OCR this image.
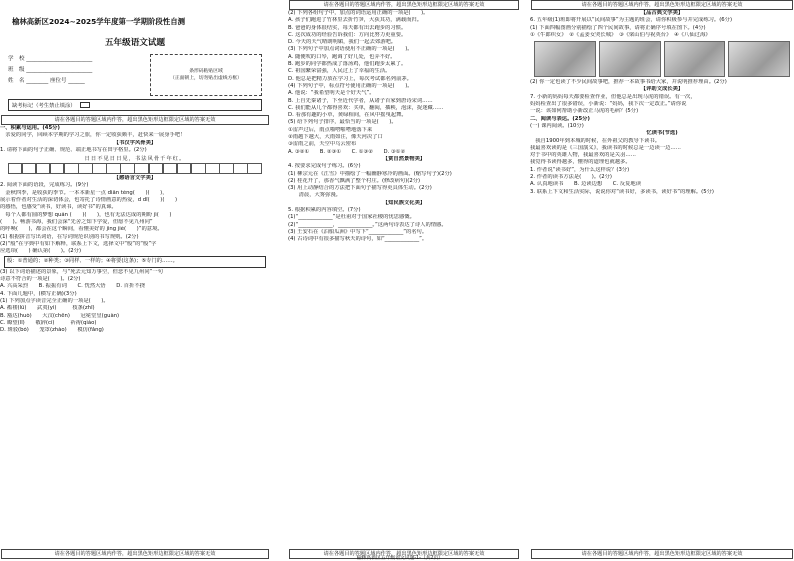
榆林高新区2024~2025学年度第一学期阶段性自测
五年级语文试题
学　校 ________________________
班　级 ________________________
姓　名 ________ 座位号 ______
条形码粘贴区域
（正面朝上，切勿贴出虚线方框）
缺考标记（考生禁止填涂）
请在各题目的答题区域内作答，超出黑色矩形边框限定区域的答案无效
一、积累与运用。(45分)
　亲爱的同学，回顾本学期的学习之旅，你一定收获颇丰，赶快来一展身手吧！
【书汉字风骨美】
1. 请将下面的句子正确、规范、端正地书写在田字格里。(2分)
日日不见日日见，书法风骨千年红。
【感语言文字美】
2. 阅读下面的语段，完成练习。(9分)
　金秋四季，是收获的季节。一本本新星一点 diǎn téng(　　)(　　)，
展示着作者对生活的深切体会，也寄托了诗情画意的热爱，d dī(　　)(　　)
的感悟，也感受“读书，好读书，读好书”的真谛。
　每个人都有圆的梦想 quán (　　)(　　)，也有无法达成的期盼 jì(　　)
(　　)。畅游书海，我们会深“先舍之知下学爱，但愿不见九州同”
的呼唤(　　)，都会在这个瞬间，看懂美好的 jìng jiè(　　)”的意境。
(1) 根据拼音写出词语，在写词规范识别的书写规则。(2分)
(2)“般”在字典中有如下解释，联系上下文，选择文中“般”的“般”字
应选项(　　) 确认第(　　)。(2分)
般：①普通的；②种类；③同样、一样的；④将要(这条)；⑤专门的……。
(3) 以下词语描述的景象，与“死去元知万事空，但悲不见九州同”一句
诗意不符合的一项是(　　)。(2分)
A. 兴高采烈　　B. 振振有词　　C. 恍然大悟　　D. 百折不挠
4. 下面几题中，(横写正确)(3分)
(1) 下列加点字读音完全正确的一项是(　　)。
A. 褴褛(lǚ)　　武夷(yì)　　　枝条(zhī)
B. 豁达(huò)　　大汉(chēn)　　冠冕堂皇(guàn)
C. 瞭望(lǐ)　　敬辞(cí)　　　祈祷(qiáo)
D. 斑驳(bó)　　笼罩(zhào)　　模仿(fǎng)
请在各题目的答题区域内作答，超出黑色矩形边框限定区域的答案无效
请在各题目的答题区域内作答，超出黑色矩形边框限定区域的答案无效
(2) 下列各组句子中，加点的词语运用正确的一项是(　　)。
A. 孩子们跑进了竹林里去折竹笋，大获其功，满载而归。
B. 爸爸的身体很结实，每天都有出去跑步的习惯。
C. 这次成功的经验告诉我们：方向比努力更重要。
D. 今天的天气晴朗明媚，我们一起去郊游吧。
(3) 下列句子中加点词语使用不正确的一项是(　　)。
A. 随便吹的口琴，跑调了好几处，也弄不好。
B. 跑步的同学都热成了落汤鸡，他们跑步太累了。
C. 祖国繁荣富强，人民过上了幸福的生活。
D. 他总是把精力放在学习上，每次考试都名列前茅。
(4) 下列句子中，标点符号使用正确的一项是(　　)。
A. 他说：“我希望明天是个好天气”。
B. 上自先秦诸子，下至近代学者，从诸子百家到唐诗宋词……
C. 我们能从几个都得喜欢：买单，翻阅，插秧，泡沫，捉迷藏……
D. 看那有趣的小草，黄绿相间，在风中摇曳起舞。
(5) 给下列句子排序，最恰当的一项是(　　)。
①雷声过后，雨点啪嗒啪嗒地落下来
②雨越下越大，大雨如注，像天河决了口
③雷雨之前，天空中乌云密布
A. ③②①　　B. ②③①　　C. ①③②　　D. ③①②
【赏自然景物美】
4. 按要求完成句子练习。(6分)
(1) 柳宗元在《江雪》中描绘了一幅幽静寒冷的画面。(缩写句子)(2分)
(2) 桂花开了，那香气飘满了整个村庄。(修改病句)(2分)
(3) 用上动静结合的方法把下面句子描写得更具体生动。(2分)
　　清晨，大雾弥漫。
【知民族文化美】
5. 根据积累的内容填空。(7分)
(1)“_____________”是杜甫对于国家社稷的忧思感慨。
(2)“_____________，_____________。”这两句诗表达了诗人的情感。
(3) 王安石在《泊船瓜洲》中写下“_____________”的名句。
(4) 古诗词中有很多描写秋天的诗句，如“_____________”。
请在各题目的答题区域内作答，超出黑色矩形边框限定区域的答案无效
请在各题目的答题区域内作答，超出黑色矩形边框限定区域的答案无效
【品古典文学美】
6. 五年级(1)班即将开展以“民间故事”为主题的班会，请你积极参与并完成练习。(6分)
(1) 下面四幅图画分别描绘了四个民间故事，请将正确序号填在图下。(4分)
①《牛郎织女》　②《孟姜女哭长城》　③《梁山伯与祝英台》　④《八仙过海》
(2) 你一定也读了不少民间故事吧，推荐一本故事书给大家，并说明推荐理由。(2分)
【评助文成长美】
7. 小新的妈妈每天都要检查作业，但他总是出现马虎的错误。有一次，
妈妈检查出了很多错误，小新说：“妈妈，我下次一定改正。”请你说
一说：该如何帮助小新改正马虎的毛病？(5分)
二、阅读与表达。(25分)
(一) 课内阅读。(10分)
忆读书(节选)
　我自1900年到本城的时候，在外祖父的教导下读书。
我最喜欢读的是《三国演义》，我读书的时候总是一边读一边……
对于书中的英雄人物，我最喜欢的是关羽……
我觉得书读得越多，懂得的道理也就越多。
1. 作者说“读书好”，为什么这样说？(3分)
2. 作者的读书方法是(　　)。(2分)
A. 认真地读书　　B. 边读边想　　C. 反复地读
3. 联系上下文和生活实际，说说你对“读书好，多读书，读好书”的理解。(5分)
请在各题目的答题区域内作答，超出黑色矩形边框限定区域的答案无效
榆林高新区五年级语文试题-1-（共2页）
